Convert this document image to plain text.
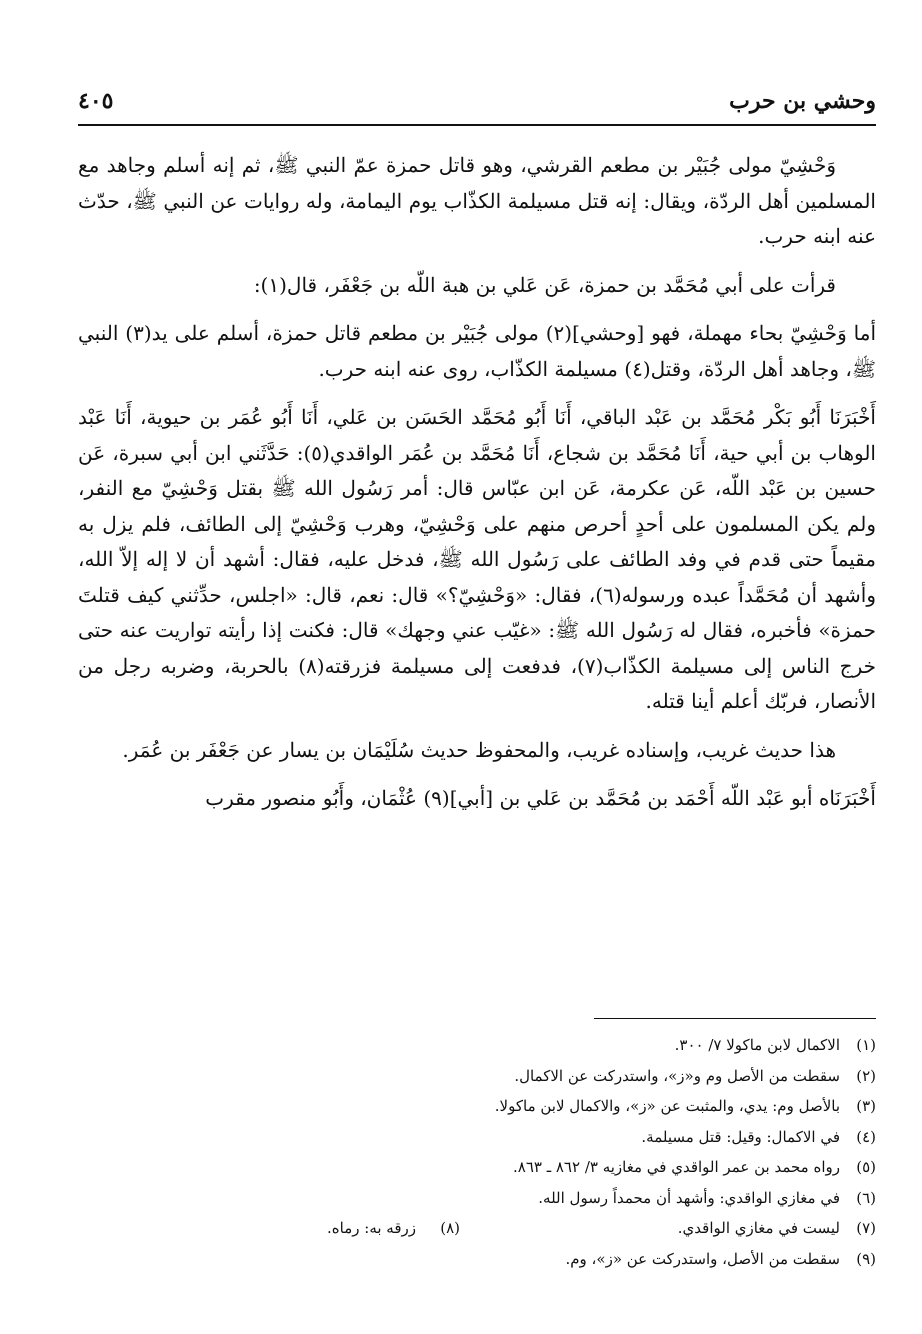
وحشي بن حرب
٤٠٥

وَحْشِيّ مولى جُبَيْر بن مطعم القرشي، وهو قاتل حمزة عمّ النبي ﷺ، ثم إنه أسلم وجاهد مع المسلمين أهل الردّة، ويقال: إنه قتل مسيلمة الكذّاب يوم اليمامة، وله روايات عن النبي ﷺ، حدّث عنه ابنه حرب.

قرأت على أبي مُحَمَّد بن حمزة، عَن عَلي بن هبة اللّه بن جَعْفَر، قال(١):

أما وَحْشِيّ بحاء مهملة، فهو [وحشي](٢) مولى جُبَيْر بن مطعم قاتل حمزة، أسلم على يد(٣) النبي ﷺ، وجاهد أهل الردّة، وقتل(٤) مسيلمة الكذّاب، روى عنه ابنه حرب.

أَخْبَرَنَا أَبُو بَكْر مُحَمَّد بن عَبْد الباقي، أَنَا أَبُو مُحَمَّد الحَسَن بن عَلي، أَنَا أَبُو عُمَر بن حيوية، أَنَا عَبْد الوهاب بن أبي حية، أَنَا مُحَمَّد بن شجاع، أَنَا مُحَمَّد بن عُمَر الواقدي(٥): حَدَّثَني ابن أبي سبرة، عَن حسين بن عَبْد اللّه، عَن عكرمة، عَن ابن عبّاس قال: أمر رَسُول الله ﷺ بقتل وَحْشِيّ مع النفر، ولم يكن المسلمون على أحدٍ أحرص منهم على وَحْشِيّ، وهرب وَحْشِيّ إلى الطائف، فلم يزل به مقيماً حتى قدم في وفد الطائف على رَسُول الله ﷺ، فدخل عليه، فقال: أشهد أن لا إله إلاّ الله، وأشهد أن مُحَمَّداً عبده ورسوله(٦)، فقال: «وَحْشِيّ؟» قال: نعم، قال: «اجلس، حدِّثني كيف قتلتَ حمزة» فأخبره، فقال له رَسُول الله ﷺ: «غيّب عني وجهك» قال: فكنت إذا رأيته تواريت عنه حتى خرج الناس إلى مسيلمة الكذّاب(٧)، فدفعت إلى مسيلمة فزرقته(٨) بالحربة، وضربه رجل من الأنصار، فربّك أعلم أينا قتله.

هذا حديث غريب، وإسناده غريب، والمحفوظ حديث سُلَيْمَان بن يسار عن جَعْفَر بن عُمَر.

أَخْبَرَنَاه أبو عَبْد اللّه أَحْمَد بن مُحَمَّد بن عَلي بن [أبي](٩) عُثْمَان، وأَبُو منصور مقرب

(١)
الاكمال لابن ماكولا ٧/ ٣٠٠.
(٢)
سقطت من الأصل وم و«ز»، واستدركت عن الاكمال.
(٣)
بالأصل وم: يدي، والمثبت عن «ز»، والاكمال لابن ماكولا.
(٤)
في الاكمال: وقيل: قتل مسيلمة.
(٥)
رواه محمد بن عمر الواقدي في مغازيه ٣/ ٨٦٢ ـ ٨٦٣.
(٦)
في مغازي الواقدي: وأشهد أن محمداً رسول الله.
(٧)
ليست في مغازي الواقدي.
(٨)
زرقه به: رماه.
(٩)
سقطت من الأصل، واستدركت عن «ز»، وم.
